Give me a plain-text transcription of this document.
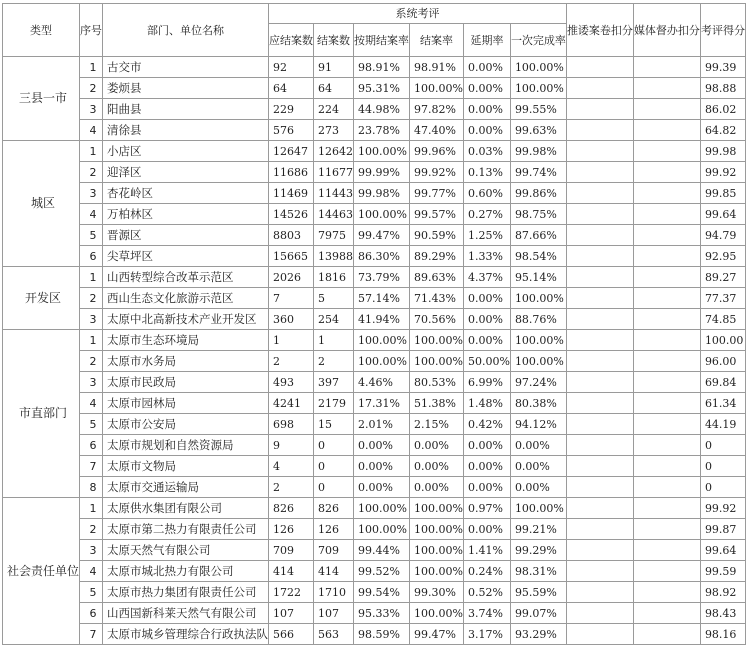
类型	序号	部门、单位名称	系统考评						推诿案卷扣分	媒体督办扣分	考评得分
			应结案数	结案数	按期结案率	结案率	延期率	一次完成率			
三县一市	1	古交市	92	91	98.91%	98.91%	0.00%	100.00%			99.39
	2	娄烦县	64	64	95.31%	100.00%	0.00%	100.00%			98.88
	3	阳曲县	229	224	44.98%	97.82%	0.00%	99.55%			86.02
	4	清徐县	576	273	23.78%	47.40%	0.00%	99.63%			64.82
城区	1	小店区	12647	12642	100.00%	99.96%	0.03%	99.98%			99.98
	2	迎泽区	11686	11677	99.99%	99.92%	0.13%	99.74%			99.92
	3	杏花岭区	11469	11443	99.98%	99.77%	0.60%	99.86%			99.85
	4	万柏林区	14526	14463	100.00%	99.57%	0.27%	98.75%			99.64
	5	晋源区	8803	7975	99.47%	90.59%	1.25%	87.66%			94.79
	6	尖草坪区	15665	13988	86.30%	89.29%	1.33%	98.54%			92.95
开发区	1	山西转型综合改革示范区	2026	1816	73.79%	89.63%	4.37%	95.14%			89.27
	2	西山生态文化旅游示范区	7	5	57.14%	71.43%	0.00%	100.00%			77.37
	3	太原中北高新技术产业开发区	360	254	41.94%	70.56%	0.00%	88.76%			74.85
市直部门	1	太原市生态环境局	1	1	100.00%	100.00%	0.00%	100.00%			100.00
	2	太原市水务局	2	2	100.00%	100.00%	50.00%	100.00%			96.00
	3	太原市民政局	493	397	4.46%	80.53%	6.99%	97.24%			69.84
	4	太原市园林局	4241	2179	17.31%	51.38%	1.48%	80.38%			61.34
	5	太原市公安局	698	15	2.01%	2.15%	0.42%	94.12%			44.19
	6	太原市规划和自然资源局	9	0	0.00%	0.00%	0.00%	0.00%			0
	7	太原市文物局	4	0	0.00%	0.00%	0.00%	0.00%			0
	8	太原市交通运输局	2	0	0.00%	0.00%	0.00%	0.00%			0
社会责任单位	1	太原供水集团有限公司	826	826	100.00%	100.00%	0.97%	100.00%			99.92
	2	太原市第二热力有限责任公司	126	126	100.00%	100.00%	0.00%	99.21%			99.87
	3	太原天然气有限公司	709	709	99.44%	100.00%	1.41%	99.29%			99.64
	4	太原市城北热力有限公司	414	414	99.52%	100.00%	0.24%	98.31%			99.59
	5	太原市热力集团有限责任公司	1722	1710	99.54%	99.30%	0.52%	95.59%			98.92
	6	山西国新科莱天然气有限公司	107	107	95.33%	100.00%	3.74%	99.07%			98.43
	7	太原市城乡管理综合行政执法队	566	563	98.59%	99.47%	3.17%	93.29%			98.16
